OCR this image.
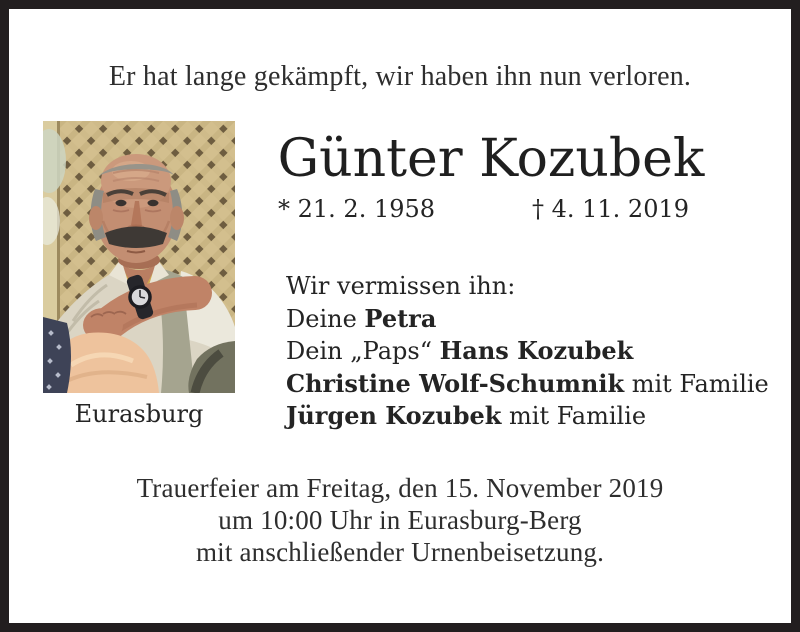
Er hat lange gekämpft, wir haben ihn nun verloren.
Eurasburg
Günter Kozubek
* 21. 2. 1958	† 4. 11. 2019
Wir vermissen ihn:
Deine Petra
Dein „Paps“ Hans Kozubek
Christine Wolf-Schumnik mit Familie
Jürgen Kozubek mit Familie
Trauerfeier am Freitag, den 15. November 2019
um 10:00 Uhr in Eurasburg-Berg
mit anschließender Urnenbeisetzung.
